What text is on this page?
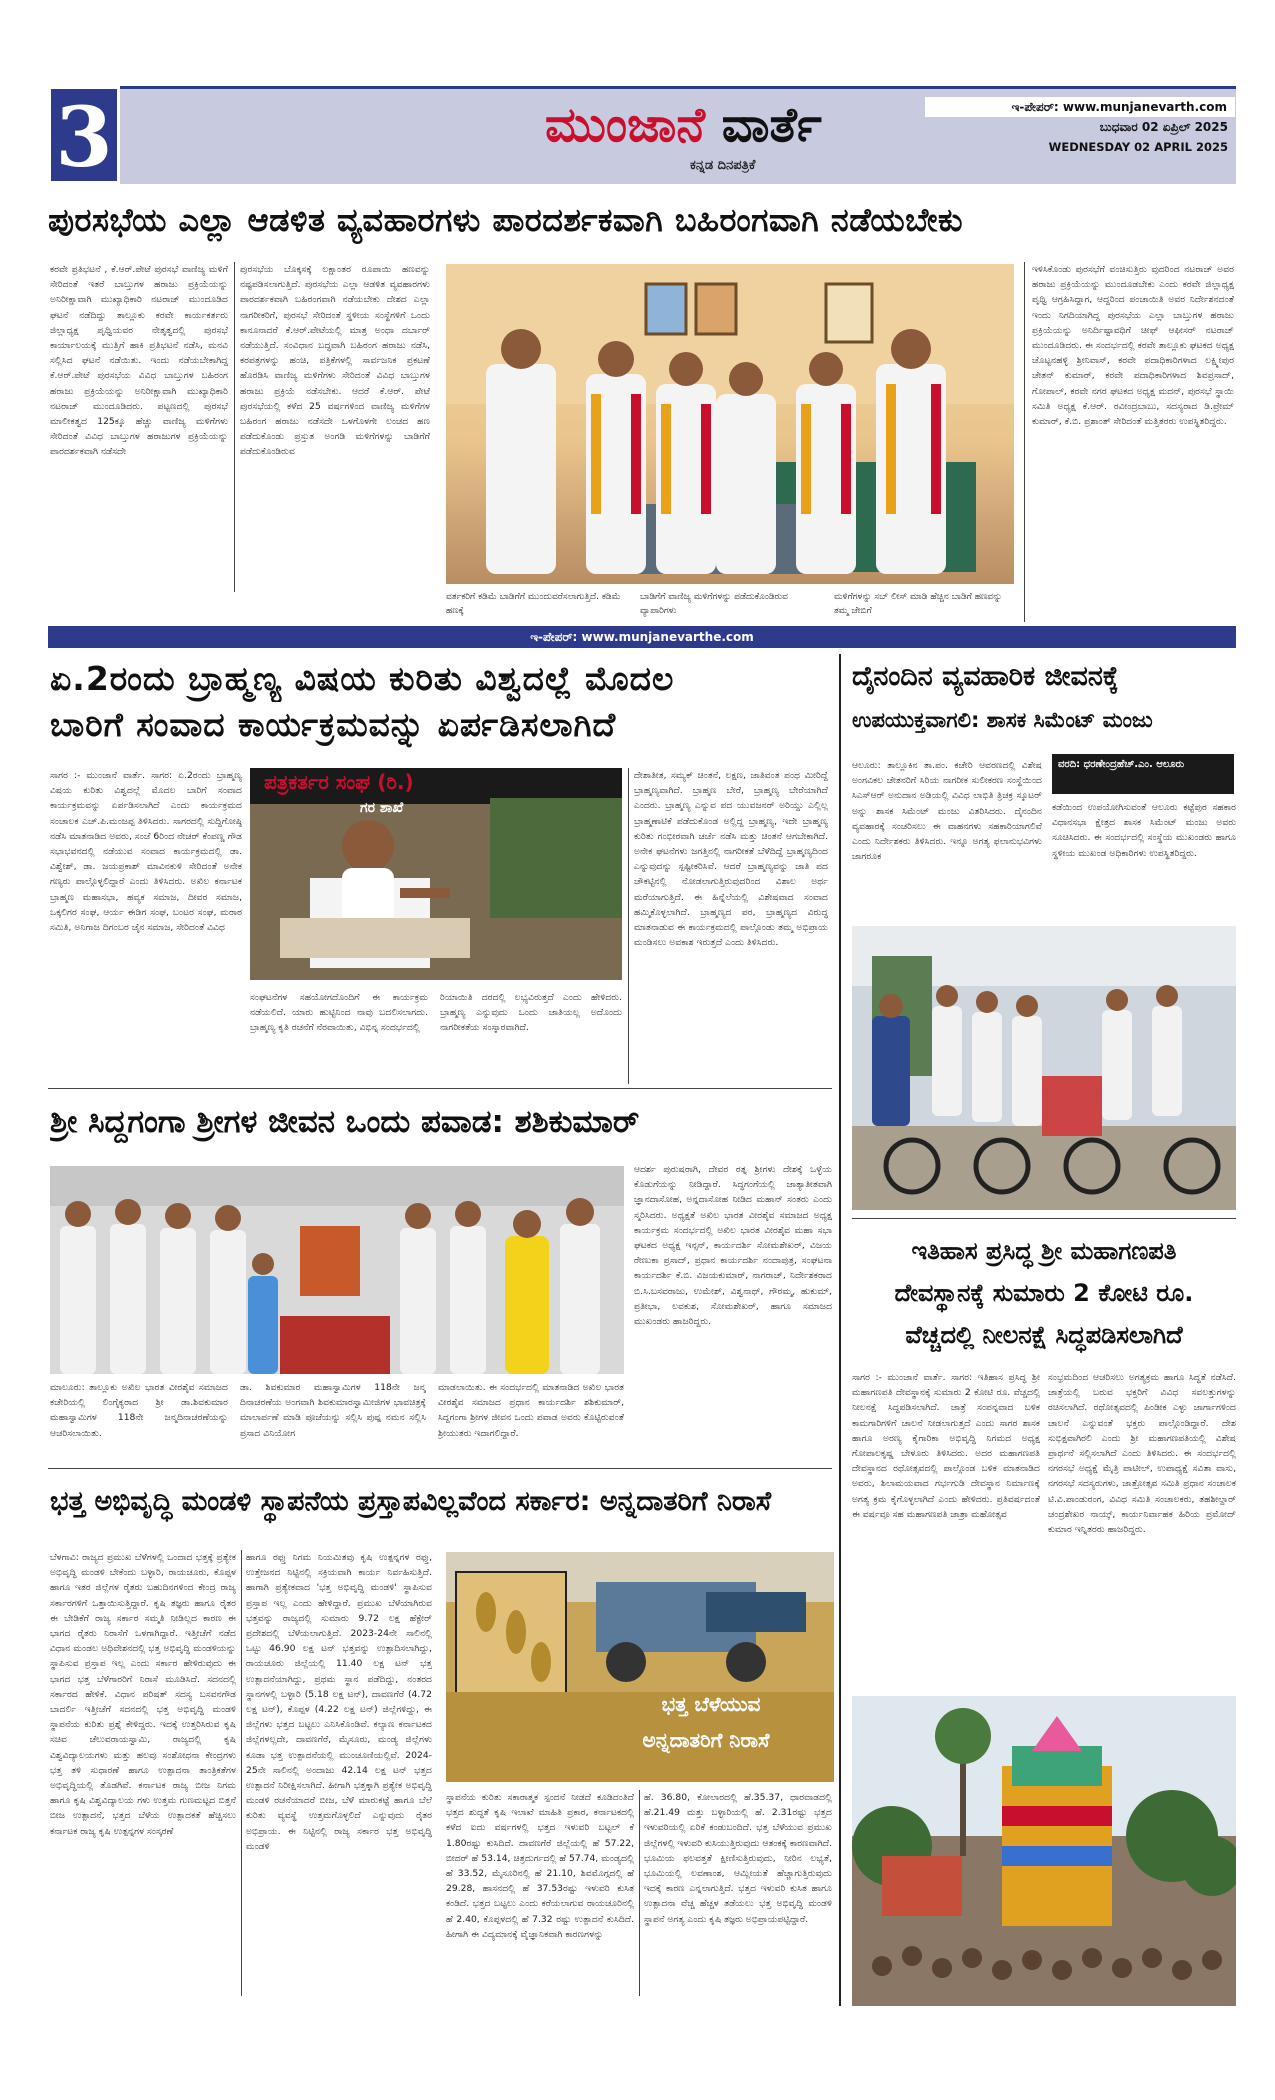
3	ಮುಂಜಾನೆ ವಾರ್ತೆ
ಕನ್ನಡ ದಿನಪತ್ರಿಕೆ
ಇ-ಪೇಪರ್: www.munjanevarth.com
ಬುಧವಾರ 02 ಏಪ್ರಿಲ್ 2025
WEDNESDAY 02 APRIL 2025
ಪುರಸಭೆಯ ಎಲ್ಲಾ ಆಡಳಿತ ವ್ಯವಹಾರಗಳು ಪಾರದರ್ಶಕವಾಗಿ ಬಹಿರಂಗವಾಗಿ ನಡೆಯಬೇಕು
ಕರವೇ ಪ್ರತಿಭಟನೆ , ಕೆ.ಆರ್.ಪೇಟೆ ಪುರಸಭೆ ವಾಣಿಜ್ಯ ಮಳಿಗೆ ಸೇರಿದಂತೆ ಇತರೆ ಬಾಬ್ತುಗಳ ಹರಾಜು ಪ್ರಕ್ರಿಯೆಯನ್ನು ಅನಿರೀಕ್ಷಾವಾಗಿ ಮುಖ್ಯಾಧಿಕಾರಿ ನಟರಾಜ್ ಮುಂದೂಡಿದ ಘಟನೆ ನಡೆದಿದ್ದು ತಾಲ್ಲೂಕು ಕರವೇ ಕಾರ್ಯಕರ್ತರು ಜಿಲ್ಲಾಧ್ಯಕ್ಷ ಪೃಥ್ವಿಯವರ ನೇತೃತ್ವದಲ್ಲಿ ಪುರಸಭೆ ಕಾರ್ಯಾಲಯಕ್ಕೆ ಮುತ್ತಿಗೆ ಹಾಕಿ ಪ್ರತಿಭಟನೆ ನಡೆಸಿ, ಮನವಿ ಸಲ್ಲಿಸಿದ ಘಟನೆ ನಡೆಯಿತು. ಇಂದು ನಡೆಯಬೇಕಾಗಿದ್ದ ಕೆ.ಆರ್.ಪೇಟೆ ಪುರಸಭೆಯ ವಿವಿಧ ಬಾಬ್ತುಗಳ ಬಹಿರಂಗ ಹರಾಜು ಪ್ರಕ್ರಿಯೆಯನ್ನು ಅನಿರೀಕ್ಷಾವಾಗಿ ಮುಖ್ಯಾಧಿಕಾರಿ ನಟರಾಜ್ ಮುಂದೂಡಿದರು. ಪಟ್ಟಣದಲ್ಲಿ ಪುರಸಭೆ ಮಾಲೀಕತ್ವದ 125ಕ್ಕೂ ಹೆಚ್ಚು ವಾಣಿಜ್ಯ ಮಳಿಗೆಗಳು ಸೇರಿದಂತೆ ವಿವಿಧ ಬಾಬ್ತುಗಳ ಹರಾಜುಗಳ ಪ್ರಕ್ರಿಯೆಯನ್ನು ಪಾರದರ್ಶಕವಾಗಿ ನಡೆಸದೇ
ಪುರಸಭೆಯ ಬೊಕ್ಕಸಕ್ಕೆ ಲಕ್ಷಾಂತರ ರೂಪಾಯಿ ಹಣವನ್ನು ನಷ್ಟಪಡಿಸಲಾಗುತ್ತಿದೆ. ಪುರಸಭೆಯ ಎಲ್ಲಾ ಆಡಳಿತ ವ್ಯವಹಾರಗಳು ಪಾರದರ್ಶಕವಾಗಿ ಬಹಿರಂಗವಾಗಿ ನಡೆಯಬೇಕು ದೇಶದ ಎಲ್ಲಾ ನಾಗರೀಕರಿಗೆ, ಪುರಸಭೆ ಸೇರಿದಂತೆ ಸ್ಥಳೀಯ ಸಂಸ್ಥೆಗಳಿಗೆ ಒಂದು ಕಾನೂನಾದರೆ ಕೆ.ಆರ್.ಪೇಟೆಯಲ್ಲಿ ಮಾತ್ರ ಅಂಧಾ ದರ್ಬಾರ್ ನಡೆಯುತ್ತಿದೆ. ಸಂವಿಧಾನ ಬದ್ಧವಾಗಿ ಬಹಿರಂಗ ಹರಾಜು ನಡೆಸಿ, ಕರಪತ್ರಗಳನ್ನು ಹಂಚಿ, ಪತ್ರಿಕೆಗಳಲ್ಲಿ ಸಾರ್ವಜನಿಕ ಪ್ರಕಟಣೆ ಹೊರಡಿಸಿ ವಾಣಿಜ್ಯ ಮಳಿಗೆಗಳು ಸೇರಿದಂತೆ ವಿವಿಧ ಬಾಬ್ತುಗಳ ಹರಾಜು ಪ್ರಕ್ರಿಯೆ ನಡೆಸಬೇಕು. ಆದರೆ ಕೆ.ಆರ್. ಪೇಟೆ ಪುರಸಭೆಯಲ್ಲಿ ಕಳೆದ 25 ವರ್ಷಗಳಿಂದ ವಾಣಿಜ್ಯ ಮಳಿಗೆಗಳ ಬಹಿರಂಗ ಹರಾಜು ನಡೆಸದೇ ಒಳಗೊಳಗೇ ಲಂಚದ ಹಣ ಪಡೆದುಕೊಂಡು ಪ್ರಸ್ತುತ ಅಂಗಡಿ ಮಳಿಗೆಗಳನ್ನು ಬಾಡಿಗೆಗೆ ಪಡೆದುಕೊಂಡಿರುವ
ವರ್ತಕರಿಗೆ ಕಡಿಮೆ ಬಾಡಿಗೆಗೆ ಮುಂದುವರೆಸಲಾಗುತ್ತಿದೆ. ಕಡಿಮೆ ಹಣಕ್ಕೆ
ಬಾಡಿಗೆಗೆ ವಾಣಿಜ್ಯ ಮಳಿಗೆಗಳನ್ನು ಪಡೆದುಕೊಂಡಿರುವ ವ್ಯಾಪಾರಿಗಳು
ಮಳಿಗೆಗಳನ್ನು ಸಬ್ ಲೀಸ್ ಮಾಡಿ ಹೆಚ್ಚಿನ ಬಾಡಿಗೆ ಹಣವನ್ನು ತಮ್ಮ ಜೇಬಿಗೆ
ಇಳಿಸಿಕೊಂಡು ಪುರಸಭೆಗೆ ವಂಚಿಸುತ್ತಿರು ವುದರಿಂದ ನಟರಾಜ್ ಅವರ ಹರಾಜು ಪ್ರಕ್ರಿಯೆಯನ್ನು ಮುಂದೂಡಬೇಕು ಎಂದು ಕರವೇ ಜಿಲ್ಲಾಧ್ಯಕ್ಷ ಪೃಥ್ವಿ ಆಗ್ರಹಿಸಿದ್ದಾಗ, ಆದ್ದರಿಂದ ಪಂಚಾಯಿತಿ ಅವರ ನಿರ್ದೇಶನದಂತೆ ಇಂದು ನಿಗದಿಯಾಗಿದ್ದ ಪುರಸಭೆಯ ಎಲ್ಲಾ ಬಾಬ್ತುಗಳ ಹರಾಜು ಪ್ರಕ್ರಿಯೆಯನ್ನು ಅನಿರ್ದಿಷ್ಟಾವಧಿಗೆ ಚೀಫ್ ಆಫೀಸರ್ ನಟರಾಜ್ ಮುಂದೂಡಿದರು. ಈ ಸಂದರ್ಭದಲ್ಲಿ ಕರವೇ ತಾಲ್ಲೂಕು ಘಟಕದ ಅಧ್ಯಕ್ಷ ಚೊಟ್ಟನಹಳ್ಳಿ ಶ್ರೀನಿವಾಸ್, ಕರವೇ ಪದಾಧಿಕಾರಿಗಳಾದ ಲಕ್ಷ್ಮೀಪುರ ಚೇತನ್ ಕುಮಾರ್, ಕರವೇ ಪದಾಧಿಕಾರಿಗಳಾದ ಶಿವಪ್ರಸಾದ್, ಗೋಪಾಲ್, ಕರವೇ ನಗರ ಘಟಕದ ಅಧ್ಯಕ್ಷ ಮದನ್, ಪುರಸಭೆ ಸ್ಥಾಯಿ ಸಮಿತಿ ಅಧ್ಯಕ್ಷ ಕೆ.ಆರ್. ರವೀಂದ್ರಬಾಬು, ಸದಸ್ಯರಾದ ಡಿ.ಪ್ರೇಮ್ ಕುಮಾರ್, ಕೆ.ಬಿ. ಪ್ರಶಾಂತ್ ಸೇರಿದಂತೆ ಮತ್ತಿತರರು ಉಪಸ್ಥಿತರಿದ್ದರು.
ಇ-ಪೇಪರ್: www.munjanevarthe.com
ಏ.2ರಂದು ಬ್ರಾಹ್ಮಣ್ಯ ವಿಷಯ ಕುರಿತು ವಿಶ್ವದಲ್ಲೆ ಮೊದಲ
ಬಾರಿಗೆ ಸಂವಾದ ಕಾರ್ಯಕ್ರಮವನ್ನು ಏರ್ಪಡಿಸಲಾಗಿದೆ
ಸಾಗರ :- ಮುಂಜಾನೆ ವಾರ್ತೆ. ಸಾಗರ: ಏ.2ರಂದು ಬ್ರಾಹ್ಮಣ್ಯ ವಿಷಯ ಕುರಿತು ವಿಶ್ವದಲ್ಲೆ ಮೊದಲ ಬಾರಿಗೆ ಸಂವಾದ ಕಾರ್ಯಕ್ರಮವನ್ನು ಏರ್ಪಡಿಸಲಾಗಿದೆ ಎಂದು ಕಾರ್ಯಕ್ರಮದ ಸಂಚಾಲಕ ಎಚ್.ಪಿ.ಮಂಜಪ್ಪ ತಿಳಿಸಿದರು. ಸಾಗರದಲ್ಲಿ ಸುದ್ದಿಗೋಷ್ಠಿ ನಡೆಸಿ ಮಾತನಾಡಿದ ಅವರು, ಸಂಜೆ 6ರಿಂದ ನೇಚರ್ ಕೆಂಪಣ್ಣ ಗೌಡ ಸಭಾಭವನದಲ್ಲಿ ನಡೆಯುವ ಸಂವಾದ ಕಾರ್ಯಕ್ರಮದಲ್ಲಿ ಡಾ. ವಿಶ್ವೇಶ್, ಡಾ. ಜಯಪ್ರಕಾಶ್ ಮಾವಿನಕುಳಿ ಸೇರಿದಂತೆ ಅನೇಕ ಗಣ್ಯರು ಪಾಲ್ಗೊಳ್ಳಲಿದ್ದಾರೆ ಎಂದು ತಿಳಿಸಿದರು. ಅಖಿಲ ಕರ್ನಾಟಕ ಬ್ರಾಹ್ಮಣ ಮಹಾಸಭಾ, ಹವ್ಯಕ ಸಮಾಜ, ದೀವರ ಸಮಾಜ, ಒಕ್ಕಲಿಗರ ಸಂಘ, ಆರ್ಯ ಈಡಿಗ ಸಂಘ, ಬಂಟರ ಸಂಘ, ಮರಾಠ ಸಮಿತಿ, ಅನಿಗಾಜ ದಿಗಂಬರ ಜೈನ ಸಮಾಜ, ಸೇರಿದಂತೆ ವಿವಿಧ
ಪತ್ರಕರ್ತರ ಸಂಘ (ರಿ.)
ಗರ ಶಾಖೆ
ಸಂಘಟನೆಗಳ ಸಹಯೋಗದೊಂದಿಗೆ ಈ ಕಾರ್ಯಕ್ರಮ ನಡೆಯಲಿದೆ. ಯಾರು ಹುಟ್ಟಿನಿಂದ ನಾವು ಬದಲಿಸಲಾಗದು. ಬ್ರಾಹ್ಮಣ್ಯ ಕೃತಿ ರಚನೆಗೆ ನೆರವಾಯಿತು, ವಿಭಿನ್ನ ಸಂದರ್ಭದಲ್ಲಿ
ರಿಯಾಯಿತಿ ದರದಲ್ಲಿ ಲಭ್ಯವಿರುತ್ತದೆ ಎಂದು ಹೇಳಿದರು. ಬ್ರಾಹ್ಮಣ್ಯ ಎನ್ನುವುದು ಒಂದು ಜಾತಿಯಲ್ಲ ಅದೊಂದು ನಾಗರೀಕತೆಯ ಸಂಸ್ಕಾರವಾಗಿದೆ.
ದೇಶಾತೀತ, ಸಮ್ಯಕ್ ಚಿಂತನೆ, ಲಕ್ಷಣ, ಜಾತಿವಂತ ಪಂಥ ಮೀರಿದ್ದೆ ಬ್ರಾಹ್ಮಣ್ಯವಾಗಿದೆ. ಬ್ರಾಹ್ಮಣ ಬೇರೆ, ಬ್ರಾಹ್ಮಣ್ಯ ಬೇರೆಯಾಗಿದೆ ಎಂದರು. ಬ್ರಾಹ್ಮಣ್ಯ ಎನ್ನುವ ಪದ ಯುವಜನರ್ ಅರಿಯ್ದು ಎಲ್ಲಿಲ್ಲ ಬ್ರಾಹ್ಮಣಾಟಿಕೆ ಪಡೆದುಕೊಂಡ ಅಲ್ಲಿದ್ದ ಬ್ರಾಹ್ಮಣ್ಯ, ಇದೇ ಬ್ರಾಹ್ಮಣ್ಯ ಕುರಿತು ಗಂಭೀರವಾಗಿ ಚರ್ಚೆ ನಡೆಸಿ ಮತ್ತು ಚಿಂತನೆ ಆಗಬೇಕಾಗಿದೆ. ಅನೇಕ ಘಟನೆಗಳು ಜಗತ್ತಿನಲ್ಲಿ ನಾಗರೀಕತೆ ಬೆಳೆದಿದ್ದೆ ಬ್ರಾಹ್ಮಣ್ಯದಿಂದ ಎನ್ನುವುದನ್ನು ಸ್ಪಷ್ಟೀಕರಿಸಿವೆ. ಆದರೆ ಬ್ರಾಹ್ಮಣ್ಯವನ್ನು ಜಾತಿ ಪದ ಚೌಕಟ್ಟಿನಲ್ಲಿ ನೋಡಲಾಗುತ್ತಿರುವುದರಿಂದ ವಿಶಾಲ ಅರ್ಥ ಮರೆಯಾಗುತ್ತಿದೆ. ಈ ಹಿನ್ನೆಲೆಯಲ್ಲಿ ವಿಶೇಷವಾದ ಸಂವಾದ ಹಮ್ಮಿಕೊಳ್ಳಲಾಗಿದೆ. ಬ್ರಾಹ್ಮಣ್ಯದ ಪರ, ಬ್ರಾಹ್ಮಣ್ಯದ ವಿರುದ್ಧ ಮಾತನಾಡುವ ಈ ಕಾರ್ಯಕ್ರಮದಲ್ಲಿ ಪಾಲ್ಗೊಂಡು ತಮ್ಮ ಅಭಿಪ್ರಾಯ ಮಂಡಿಸಲು ಅವಕಾಶ ಇರುತ್ತದೆ ಎಂದು ತಿಳಿಸಿದರು.
ದೈನಂದಿನ ವ್ಯವಹಾರಿಕ ಜೀವನಕ್ಕೆ
ಉಪಯುಕ್ತವಾಗಲಿ: ಶಾಸಕ ಸಿಮೆಂಟ್ ಮಂಜು
ಆಲೂರು: ತಾಲ್ಲೂಕಿನ ತಾ.ಪಂ. ಕಚೇರಿ ಆವರಣದಲ್ಲಿ ವಿಶೇಷ ಅಂಗವಿಕಲ ಚೇತನರಿಗೆ ಸಿರಿಯ ನಾಗರೀಕ ಸುಲೀಕರಣ ಸಂಸ್ಥೆಯಿಂದ ಸಿಎಸ್‌ಆರ್ ಅನುದಾನ ಅಡಿಯಲ್ಲಿ ವಿವಿಧ ಲಾಭಿತಿ ತ್ರಿಚಕ್ರ ಸ್ಕೂಟರ್ ಅನ್ನು ಶಾಸಕ ಸಿಮೆಂಟ್ ಮಂಜು ವಿತರಿಸಿದರು. ದೈನಂದಿನ ವ್ಯವಹಾರಕ್ಕೆ ಸಂಚರಿಸಲು ಈ ವಾಹನಗಳು ಸಹಕಾರಿಯಾಗಲಿವೆ ಎಂದು ನಿರ್ದೇಶಕರು ತಿಳಿಸಿದರು. ಇನ್ನೂ ಅಗತ್ಯ ಫಲಾನುಭವಿಗಳು ಜಾಗರೂಕ
ವರದಿ: ಧರಣೇಂದ್ರಹೆಚ್.ಎಂ. ಆಲೂರು
ಕಡೆಯಿಂದ ಉಪಯೋಗಿಸುವಂತೆ ಆಲೂರು ಕಟ್ಟೆಪುರ ಸಹಕಾರ ವಿಧಾನಸಭಾ ಕ್ಷೇತ್ರದ ಶಾಸಕ ಸಿಮೆಂಟ್ ಮಂಜು ಅವರು ಸೂಚಿಸಿದರು. ಈ ಸಂದರ್ಭದಲ್ಲಿ ಸಂಸ್ಥೆಯ ಮುಖಂಡರು ಹಾಗೂ ಸ್ಥಳೀಯ ಮುಖಂಡ ಅಧಿಕಾರಿಗಳು ಉಪಸ್ಥಿತರಿದ್ದರು.
ಶ್ರೀ ಸಿದ್ದಗಂಗಾ ಶ್ರೀಗಳ ಜೀವನ ಒಂದು ಪವಾಡ: ಶಶಿಕುಮಾರ್
ಆದರ್ಶ ಪುರುಷರಾಗಿ, ದೇವರ ರತ್ನ ಶ್ರೀಗಳು ದೇಶಕ್ಕೆ ಒಳ್ಳೆಯ ಕೊಡುಗೆಯನ್ನು ನೀಡಿದ್ದಾರೆ. ಸಿದ್ಧಗಂಗೆಯಲ್ಲಿ ಜಾತ್ಯಾತೀತವಾಗಿ ಜ್ಞಾನದಾಸೋಹ, ಅನ್ನದಾಸೋಹ ನೀಡಿದ ಮಹಾನ್ ಸಂತರು ಎಂದು ಸ್ಮರಿಸಿದರು. ಅಧ್ಯಕ್ಷತೆ ಅಖಿಲ ಭಾರತ ವೀರಶೈವ ಸಮಾಜದ ಅಧ್ಯಕ್ಷ ಕಾರ್ಯಕ್ರಮ ಸಂದರ್ಭದಲ್ಲಿ ಅಖಿಲ ಭಾರತ ವೀರಶೈವ ಮಹಾ ಸಭಾ ಘಟಕದ ಅಧ್ಯಕ್ಷ ಇನ್ಸನ್, ಕಾರ್ಯದರ್ಶಿ ಸೋಮಶೇಖರ್, ವಿಜಯ ರೇಣುಕಾ ಪ್ರಸಾದ್, ಪ್ರಧಾನ ಕಾರ್ಯದರ್ಶಿ ನಂದಾಪುತ್ರ, ಸಂಘಟನಾ ಕಾರ್ಯದರ್ಶಿ ಕೆ.ಬಿ. ವಿಜಯಕುಮಾರ್, ನಾಗರಾಜ್, ನಿರ್ದೇಶಕರಾದ ಬಿ.ಸಿ.ಬಸವರಾಜು, ಉಮೇಶ್, ವಿಶ್ವನಾಥ್, ಗೌರಮ್ಮ, ಹುಕುಮ್, ಪ್ರತೀಭಾ, ಲವಕುಶ, ಸೋಮಶೇಖರ್, ಹಾಗೂ ಸಮಾಜದ ಮುಖಂಡರು ಹಾಜರಿದ್ದರು.
ಮಾಲೂರು: ತಾಲ್ಲೂಕು ಅಖಿಲ ಭಾರತ ವೀರಶೈವ ಸಮಾಜದ ಕಚೇರಿಯಲ್ಲಿ ಲಿಂಗೈಕ್ಯರಾದ ಶ್ರೀ ಡಾ.ಶಿವಕುಮಾರ ಮಹಾಸ್ವಾಮಿಗಳ 118ನೇ ಜನ್ಮದಿನಾಚರಣೆಯನ್ನು ಆಚರಿಸಲಾಯಿತು.
ಡಾ. ಶಿವಕುಮಾರ ಮಹಾಸ್ವಾಮಿಗಳ 118ನೇ ಜನ್ಮ ದಿನಾಚರಣೆಯ ಅಂಗವಾಗಿ ಶಿವಕುಮಾರಸ್ವಾಮೀಜಿಗಳ ಭಾವಚಿತ್ರಕ್ಕೆ ಮಾಲಾರ್ಪಣೆ ಮಾಡಿ ಪೂಜೆಯನ್ನು ಸಲ್ಲಿಸಿ ಪುಷ್ಪ ನಮನ ಸಲ್ಲಿಸಿ ಪ್ರಸಾದ ವಿನಿಯೋಗ
ಮಾಡಲಾಯಿತು. ಈ ಸಂದರ್ಭದಲ್ಲಿ ಮಾತನಾಡಿದ ಅಖಿಲ ಭಾರತ ವೀರಶೈವ ಸಮಾಜದ ಪ್ರಧಾನ ಕಾರ್ಯದರ್ಶಿ ಶಶಿಕುಮಾರ್, ಸಿದ್ದಗಂಗಾ ಶ್ರೀಗಳ ಜೀವನ ಒಂದು ಪವಾಡ ಅವರು ಕೊಟ್ಟಿರುವಂತೆ ಶ್ರೀಯುತರು ಇದಾಗಲಿದ್ದಾರೆ.
ಇತಿಹಾಸ ಪ್ರಸಿದ್ಧ ಶ್ರೀ ಮಹಾಗಣಪತಿ
ದೇವಸ್ಥಾನಕ್ಕೆ ಸುಮಾರು 2 ಕೋಟಿ ರೂ.
ವೆಚ್ಚದಲ್ಲಿ ನೀಲನಕ್ಷೆ ಸಿದ್ಧಪಡಿಸಲಾಗಿದೆ
ಸಾಗರ :- ಮುಂಜಾನೆ ವಾರ್ತೆ. ಸಾಗರ: ಇತಿಹಾಸ ಪ್ರಸಿದ್ಧ ಶ್ರೀ ಮಹಾಗಣಪತಿ ದೇವಸ್ಥಾನಕ್ಕೆ ಸುಮಾರು 2 ಕೋಟಿ ರೂ. ವೆಚ್ಚದಲ್ಲಿ ನೀಲನಕ್ಷೆ ಸಿದ್ಧಪಡಿಸಲಾಗಿದೆ. ಜಾತ್ರೆ ಸಂಪನ್ನವಾದ ಬಳಿಕ ಕಾಮಗಾರಿಗಳಿಗೆ ಚಾಲನೆ ನೀಡಲಾಗುತ್ತದೆ ಎಂದು ಸಾಗರ ಶಾಸಕ ಹಾಗೂ ಅರಣ್ಯ ಕೈಗಾರಿಕಾ ಅಭಿವೃದ್ಧಿ ನಿಗಮದ ಅಧ್ಯಕ್ಷ ಗೋಪಾಲಕೃಷ್ಣ ಬೇಳೂರು ತಿಳಿಸಿದರು. ಅದರ ಮಹಾಗಣಪತಿ ದೇವಸ್ಥಾನದ ರಥೋತ್ಸವದಲ್ಲಿ ಪಾಲ್ಗೊಂಡ ಬಳಿಕ ಮಾತನಾಡಿದ ಅವರು, ಶಿಲಾಮಯವಾದ ಗರ್ಭಗುಡಿ ದೇವಸ್ಥಾನ ನಿರ್ಮಾಣಕ್ಕೆ ಅಗತ್ಯ ಕ್ರಮ ಕೈಗೊಳ್ಳಲಾಗಿದೆ ಎಂದು ಹೇಳಿದರು. ಪ್ರತಿವರ್ಷದಂತೆ ಈ ವರ್ಷವೂ ಸಹ ಮಹಾಗಣಪತಿ ಜಾತ್ರಾ ಮಹೋತ್ಸವ
ಸಂಭ್ರಮದಿಂದ ಆಚರಿಸಲು ಅಗತ್ಯಕ್ರಮ ಹಾಗೂ ಸಿದ್ಧತೆ ನಡೆಸಿದೆ. ಜಾತ್ರೆಯಲ್ಲಿ ಬರುವ ಭಕ್ತರಿಗೆ ವಿವಿಧ ಸವಲತ್ತುಗಳನ್ನು ರಚಿಸಲಾಗಿದೆ. ರಥೋತ್ಸವದಲ್ಲಿ ಪಿಂಡೀಕ ಎಳ್ಳು ಜಾರ್ಗಾಗಳಿಂದ ಚಾಲನೆ ಎನ್ನುವಂತೆ ಭಕ್ತರು ಪಾಲ್ಗೊಂಡಿದ್ದಾರೆ. ದೇಶ ಸುಭಿಕ್ಷವಾಗಿರಲಿ ಎಂದು ಶ್ರೀ ಮಹಾಗಣಪತಿಯಲ್ಲಿ ವಿಶೇಷ ಪ್ರಾರ್ಥನೆ ಸಲ್ಲಿಸಲಾಗಿದೆ ಎಂದು ತಿಳಿಸಿದರು. ಈ ಸಂದರ್ಭದಲ್ಲಿ ನಗರಸಭೆ ಅಧ್ಯಕ್ಷೆ ಮೈತ್ರಿ ಪಾಟೀಲ್, ಉಪಾಧ್ಯಕ್ಷೆ ಸವಿತಾ ವಾಸು, ನಗರಸಭೆ ಸದಸ್ಯರುಗಳು, ಜಾತ್ರೋತ್ಸವ ಸಮಿತಿ ಪ್ರಧಾನ ಸಂಚಾಲಕ ಟಿ.ವಿ.ಪಾಂಡುರಂಗ, ವಿವಿಧ ಸಮಿತಿ ಸಂಚಾಲಕರು, ತಹಶೀಲ್ದಾರ್ ಚಂದ್ರಶೇಖರ ನಾಯ್ಕ್, ಕಾರ್ಯನಿರ್ವಾಹಕ ಹಿರಿಯ ಪ್ರಮೋದ್ ಕುಮಾರ ಇನ್ನಿತರರು ಹಾಜರಿದ್ದರು.
ಭತ್ತ ಅಭಿವೃದ್ಧಿ ಮಂಡಳಿ ಸ್ಥಾಪನೆಯ ಪ್ರಸ್ತಾಪವಿಲ್ಲವೆಂದ ಸರ್ಕಾರ: ಅನ್ನದಾತರಿಗೆ ನಿರಾಸೆ
ಬೆಳಗಾವಿ: ರಾಜ್ಯದ ಪ್ರಮುಖ ಬೆಳೆಗಳಲ್ಲಿ ಒಂದಾದ ಭತ್ತಕ್ಕೆ ಪ್ರತ್ಯೇಕ ಅಭಿವೃದ್ಧಿ ಮಂಡಳಿ ಬೇಕೆಂದು ಬಳ್ಳಾರಿ, ರಾಯಚೂರು, ಕೊಪ್ಪಳ ಹಾಗೂ ಇತರ ಜಿಲ್ಲೆಗಳ ರೈತರು ಬಹುದಿನಗಳಿಂದ ಕೇಂದ್ರ ರಾಜ್ಯ ಸರ್ಕಾರಗಳಿಗೆ ಒತ್ತಾಯಿಸುತ್ತಿದ್ದಾರೆ. ಕೃಷಿ ತಜ್ಞರು ಹಾಗೂ ರೈತರ ಈ ಬೇಡಿಕೆಗೆ ರಾಜ್ಯ ಸರ್ಕಾರ ಸಮ್ಮತಿ ನೀಡಿಲ್ಲದ ಕಾರಣ ಈ ಭಾಗದ ರೈತರು ನಿರಾಸೆಗೆ ಒಳಗಾಗಿದ್ದಾರೆ. ಇತ್ತೀಚೆಗೆ ನಡೆದ ವಿಧಾನ ಮಂಡಲ ಅಧಿವೇಶನದಲ್ಲಿ ಭತ್ತ ಅಭಿವೃದ್ಧಿ ಮಂಡಳಿಯನ್ನು ಸ್ಥಾಪಿಸುವ ಪ್ರಸ್ತಾಪ ಇಲ್ಲ ಎಂದು ಸರ್ಕಾರ ಹೇಳಿರುವುದು ಈ ಭಾಗದ ಭತ್ತ ಬೆಳೆಗಾರರಿಗೆ ನಿರಾಸೆ ಮೂಡಿಸಿದೆ. ಸದನದಲ್ಲಿ ಸರ್ಕಾರದ ಹೇಳಿಕೆ. ವಿಧಾನ ಪರಿಷತ್ ಸದಸ್ಯ ಬಸವನಗೌಡ ಬಾದರ್ಲಿ ಇತ್ತೀಚೆಗೆ ಸದನದಲ್ಲಿ ಭತ್ತ ಅಭಿವೃದ್ಧಿ ಮಂಡಳಿ ಸ್ಥಾಪನೆಯ ಕುರಿತು ಪ್ರಶ್ನೆ ಕೇಳಿದ್ದರು. ಇದಕ್ಕೆ ಉತ್ತರಿಸಿರುವ ಕೃಷಿ ಸಚಿವ ಚೆಲುವರಾಯಸ್ವಾಮಿ, ರಾಜ್ಯದಲ್ಲಿ ಕೃಷಿ ವಿಶ್ವವಿದ್ಯಾಲಯಗಳು ಮತ್ತು ಹಲವು ಸಂಶೋಧನಾ ಕೇಂದ್ರಗಳು ಭತ್ತ ತಳಿ ಸುಧಾರಣೆ ಹಾಗೂ ಉತ್ಪಾದನಾ ತಾಂತ್ರಿಕತೆಗಳ ಅಭಿವೃದ್ಧಿಯಲ್ಲಿ ತೊಡಗಿವೆ. ಕರ್ನಾಟಕ ರಾಜ್ಯ ಬೀಜ ನಿಗಮ ಹಾಗೂ ಕೃಷಿ ವಿಶ್ವವಿದ್ಯಾಲಯ ಗಳು ಉತ್ತಮ ಗುಣಮಟ್ಟದ ಬಿತ್ತನೆ ಬೀಜ ಉತ್ಪಾದನೆ, ಭತ್ತದ ಬೆಳೆಯ ಉತ್ಪಾದಕತೆ ಹೆಚ್ಚಿಸಲು ಕರ್ನಾಟಕ ರಾಜ್ಯ ಕೃಷಿ ಉತ್ಪನ್ನಗಳ ಸಂಸ್ಕರಣೆ
ಹಾಗೂ ರಫ್ತು ನಿಗಮ ನಿಯಮಿತವು ಕೃಷಿ ಉತ್ಪನ್ನಗಳ ರಫ್ತು, ಉತ್ತೇಜನದ ನಿಟ್ಟಿನಲ್ಲಿ ಸಕ್ರಿಯವಾಗಿ ಕಾರ್ಯ ನಿರ್ವಹಿಸುತ್ತಿದೆ. ಹಾಗಾಗಿ ಪ್ರತ್ಯೇಕವಾದ 'ಭತ್ತ ಅಭಿವೃದ್ಧಿ ಮಂಡಳಿ' ಸ್ಥಾಪಿಸುವ ಪ್ರಸ್ತಾಪ ಇಲ್ಲ ಎಂದು ಹೇಳಿದ್ದಾರೆ. ಪ್ರಮುಖ ಬೆಳೆಯಾಗಿರುವ ಭತ್ತವನ್ನು ರಾಜ್ಯದಲ್ಲಿ ಸುಮಾರು 9.72 ಲಕ್ಷ ಹೆಕ್ಟೇರ್ ಪ್ರದೇಶದಲ್ಲಿ ಬೆಳೆಯಲಾಗುತ್ತಿದೆ. 2023-24ನೇ ಸಾಲಿನಲ್ಲಿ ಒಟ್ಟು 46.90 ಲಕ್ಷ ಟನ್ ಭತ್ತವನ್ನು ಉತ್ಪಾದಿಸಲಾಗಿದ್ದು, ರಾಯಚೂರು ಜಿಲ್ಲೆಯಲ್ಲಿ 11.40 ಲಕ್ಷ ಟನ್ ಭತ್ತ ಉತ್ಪಾದನೆಯಾಗಿದ್ದು, ಪ್ರಥಮ ಸ್ಥಾನ ಪಡೆದಿದ್ದು, ನಂತರದ ಸ್ಥಾನಗಳಲ್ಲಿ ಬಳ್ಳಾರಿ (5.18 ಲಕ್ಷ ಟನ್), ದಾವಣಗೆರೆ (4.72 ಲಕ್ಷ ಟನ್), ಕೊಪ್ಪಳ (4.22 ಲಕ್ಷ ಟನ್) ಜಿಲ್ಲೆಗಳಿದ್ದು, ಈ ಜಿಲ್ಲೆಗಳು ಭತ್ತದ ಬಟ್ಟಲು ಎನಿಸಿಕೊಂಡಿವೆ. ಕಲ್ಯಾಣ ಕರ್ನಾಟಕದ ಜಿಲ್ಲೆಗಳಲ್ಲದೇ, ದಾವಣಗೆರೆ, ಮೈಸೂರು, ಮಂಡ್ಯ ಜಿಲ್ಲೆಗಳು ಕೂಡಾ ಭತ್ತ ಉತ್ಪಾದನೆಯಲ್ಲಿ ಮುಂಚೂಣಿಯಲ್ಲಿವೆ. 2024-25ನೇ ಸಾಲಿನಲ್ಲಿ ಅಂದಾಜು 42.14 ಲಕ್ಷ ಟನ್ ಭತ್ತದ ಉತ್ಪಾದನೆ ನಿರೀಕ್ಷಿಸಲಾಗಿದೆ. ಹೀಗಾಗಿ ಭತ್ತಕ್ಕಾಗಿ ಪ್ರತ್ಯೇಕ ಅಭಿವೃದ್ಧಿ ಮಂಡಳಿ ರಚನೆಯಾದರೆ ಬೀಜ, ಬೆಳೆ ಮಾರುಕಟ್ಟೆ ಹಾಗೂ ಬೆಲೆ ಕುರಿತು ವ್ಯವಸ್ಥೆ ಉತ್ತಮಗೊಳ್ಳಲಿದೆ ಎನ್ನುವುದು ರೈತರ ಅಭಿಪ್ರಾಯ. ಈ ನಿಟ್ಟಿನಲ್ಲಿ ರಾಜ್ಯ ಸರ್ಕಾರ ಭತ್ತ ಅಭಿವೃದ್ಧಿ ಮಂಡಳಿ
ಭತ್ತ ಬೆಳೆಯುವ
ಅನ್ನದಾತರಿಗೆ ನಿರಾಸೆ
ಸ್ಥಾಪನೆಯ ಕುರಿತು ಸಕಾರಾತ್ಮಕ ಸ್ಪಂದನೆ ನೀಡದೆ ಕೂಡಿದಂತಿದೆ ಭತ್ತದ ಶುದ್ಧತೆ ಕೃಷಿ ಇಲಾಖೆ ಮಾಹಿತಿ ಪ್ರಕಾರ, ಕರ್ನಾಟಕದಲ್ಲಿ ಕಳೆದ ಐದು ವರ್ಷಗಳಲ್ಲಿ ಭತ್ತದ ಇಳುವರಿ ಬಟ್ಟಲ್ ಕೆ 1.80ರಷ್ಟು ಕುಸಿದಿದೆ. ದಾವಣಗೆರೆ ಜಿಲ್ಲೆಯಲ್ಲಿ ಹೆ 57.22, ಬೀದರ್ ಹೆ 53.14, ಚಿತ್ರದುರ್ಗದಲ್ಲಿ ಹೆ 57.74, ಮಂಡ್ಯದಲ್ಲಿ ಹೆ 33.52, ಮೈಸೂರಿನಲ್ಲಿ ಹೆ 21.10, ಶಿವಮೊಗ್ಗದಲ್ಲಿ ಹೆ 29.28, ಹಾಸನದಲ್ಲಿ ಹೆ 37.53ರಷ್ಟು ಇಳುವರಿ ಕುಸಿತ ಕಂಡಿದೆ. ಭತ್ತದ ಬಟ್ಟಲು ಎಂದು ಕರೆಯಲಾಗುವ ರಾಯಚೂರಿನಲ್ಲಿ ಹೆ 2.40, ಕೊಪ್ಪಳದಲ್ಲಿ ಹೆ 7.32 ರಷ್ಟು ಉತ್ಪಾದನೆ ಕುಸಿದಿದೆ. ಹೀಗಾಗಿ ಈ ವಿದ್ಯಮಾನಕ್ಕೆ ವೈಜ್ಞಾನಿಕವಾಗಿ ಕಾರಣಗಳನ್ನು
ಹೆ. 36.80, ಕೋಲಾರದಲ್ಲಿ ಹೆ.35.37, ಧಾರವಾಡದಲ್ಲಿ ಹೆ.21.49 ಮತ್ತು ಬಳ್ಳಾರಿಯಲ್ಲಿ ಹೆ. 2.31ರಷ್ಟು ಭತ್ತದ ಇಳುವರಿಯಲ್ಲಿ ಏರಿಕೆ ಕಂಡುಬಂದಿದೆ. ಭತ್ತ ಬೆಳೆಯುವ ಪ್ರಮುಖ ಜಿಲ್ಲೆಗಳಲ್ಲಿ ಇಳುವರಿ ಕುಸಿಯುತ್ತಿರುವುದು ಆತಂಕಕ್ಕೆ ಕಾರಣವಾಗಿದೆ. ಭೂಮಿಯ ಫಲವತ್ತತೆ ಕ್ಷೀಣಿಸುತ್ತಿರುವುದು, ನೀರಿನ ಲಭ್ಯತೆ, ಭೂಮಿಯಲ್ಲಿ ಲವಣಾಂಶ, ಆಮ್ಲೀಯತೆ ಹೆಚ್ಚಾಗುತ್ತಿರುವುದು ಇದಕ್ಕೆ ಕಾರಣ ಎನ್ನಲಾಗುತ್ತಿದೆ. ಭತ್ತದ ಇಳುವರಿ ಕುಸಿತ ಹಾಗೂ ಉತ್ಪಾದನಾ ವೆಚ್ಚ ಹೆಚ್ಚಳ ತಡೆಯಲು ಭತ್ತ ಅಭಿವೃದ್ಧಿ ಮಂಡಳಿ ಸ್ಥಾಪನೆ ಅಗತ್ಯ ಎಂದು ಕೃಷಿ ತಜ್ಞರು ಅಭಿಪ್ರಾಯಪಟ್ಟಿದ್ದಾರೆ.
